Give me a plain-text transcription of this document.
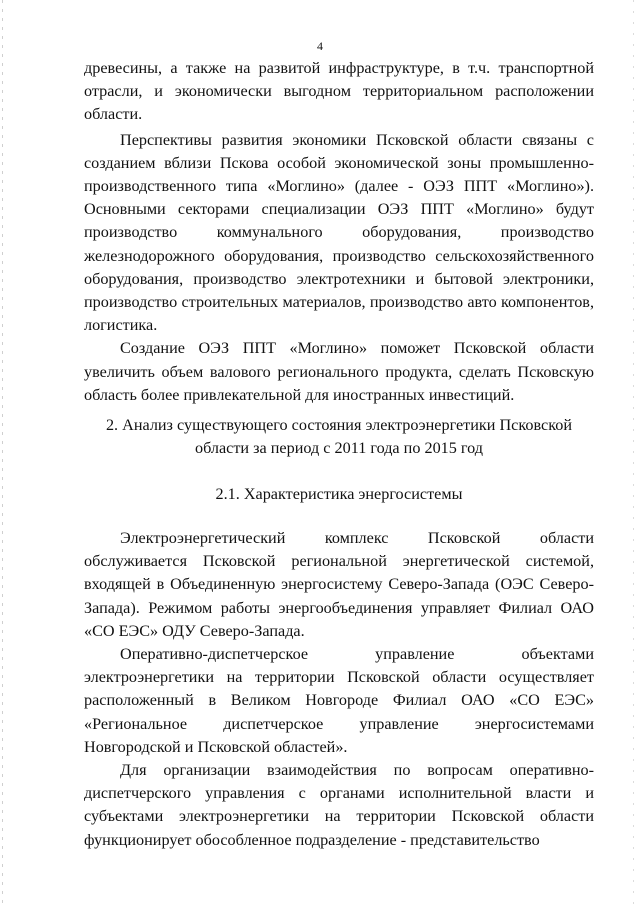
4

древесины, а также на развитой инфраструктуре, в т.ч. транспортной отрасли, и экономически выгодном территориальном расположении области.

Перспективы развития экономики Псковской области связаны с созданием вблизи Пскова особой экономической зоны промышленно-производственного типа «Моглино» (далее - ОЭЗ ППТ «Моглино»). Основными секторами специализации ОЭЗ ППТ «Моглино» будут производство коммунального оборудования, производство железнодорожного оборудования, производство сельскохозяйственного оборудования, производство электротехники и бытовой электроники, производство строительных материалов, производство авто компонентов, логистика.

Создание ОЭЗ ППТ «Моглино» поможет Псковской области увеличить объем валового регионального продукта, сделать Псковскую область более привлекательной для иностранных инвестиций.

2. Анализ существующего состояния электроэнергетики Псковской

области за период с 2011 года по 2015 год

2.1. Характеристика энергосистемы

Электроэнергетический комплекс Псковской области обслуживается Псковской региональной энергетической системой, входящей в Объединенную энергосистему Северо-Запада (ОЭС Северо-Запада). Режимом работы энергообъединения управляет Филиал ОАО «СО ЕЭС» ОДУ Северо-Запада.

Оперативно-диспетчерское управление объектами электроэнергетики на территории Псковской области осуществляет расположенный в Великом Новгороде Филиал ОАО «СО ЕЭС» «Региональное диспетчерское управление энергосистемами Новгородской и Псковской областей».

Для организации взаимодействия по вопросам оперативно-диспетчерского управления с органами исполнительной власти и субъектами электроэнергетики на территории Псковской области функционирует обособленное подразделение - представительство
